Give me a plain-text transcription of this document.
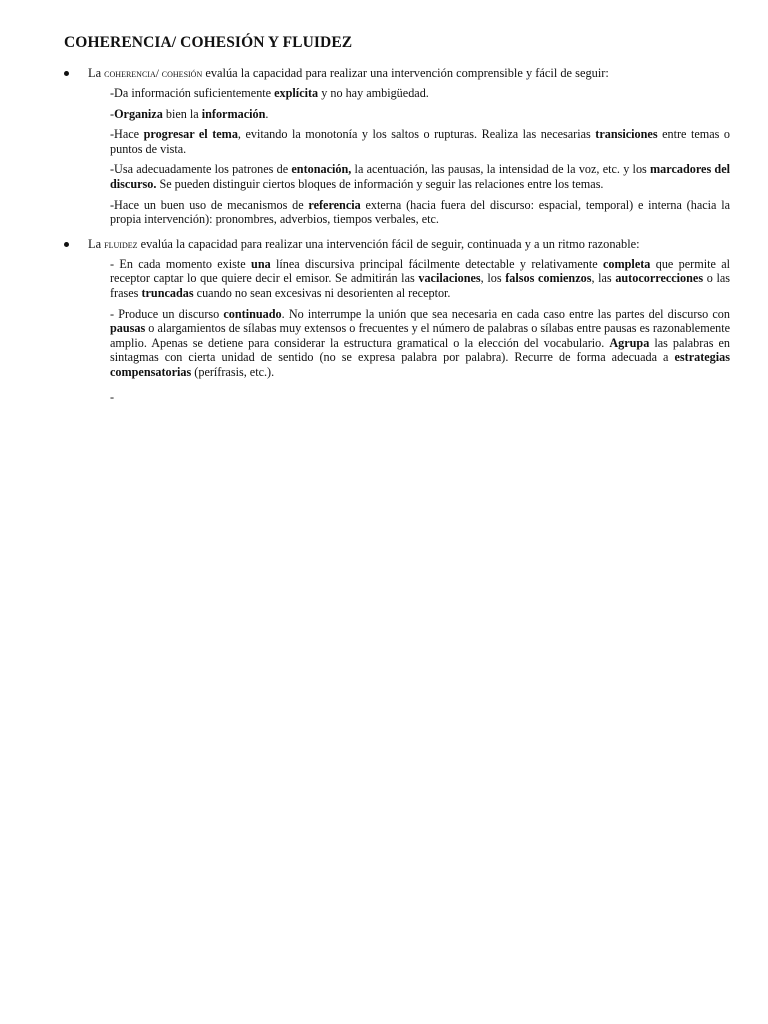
COHERENCIA/ COHESIÓN Y FLUIDEZ
La coherencia/ cohesión evalúa la capacidad para realizar una intervención comprensible y fácil de seguir:

-Da información suficientemente explícita y no hay ambigüedad.

-Organiza bien la información.

-Hace progresar el tema, evitando la monotonía y los saltos o rupturas. Realiza las necesarias transiciones entre temas o puntos de vista.

-Usa adecuadamente los patrones de entonación, la acentuación, las pausas, la intensidad de la voz, etc. y los marcadores del discurso. Se pueden distinguir ciertos bloques de información y seguir las relaciones entre los temas.

-Hace un buen uso de mecanismos de referencia externa (hacia fuera del discurso: espacial, temporal) e interna (hacia la propia intervención): pronombres, adverbios, tiempos verbales, etc.

La fluidez evalúa la capacidad para realizar una intervención fácil de seguir, continuada y a un ritmo razonable:

- En cada momento existe una línea discursiva principal fácilmente detectable y relativamente completa que permite al receptor captar lo que quiere decir el emisor. Se admitirán las vacilaciones, los falsos comienzos, las autocorrecciones o las frases truncadas cuando no sean excesivas ni desorienten al receptor.

- Produce un discurso continuado. No interrumpe la unión que sea necesaria en cada caso entre las partes del discurso con pausas o alargamientos de sílabas muy extensos o frecuentes y el número de palabras o sílabas entre pausas es razonablemente amplio. Apenas se detiene para considerar la estructura gramatical o la elección del vocabulario. Agrupa las palabras en sintagmas con cierta unidad de sentido (no se expresa palabra por palabra). Recurre de forma adecuada a estrategias compensatorias (perífrasis, etc.).

-
